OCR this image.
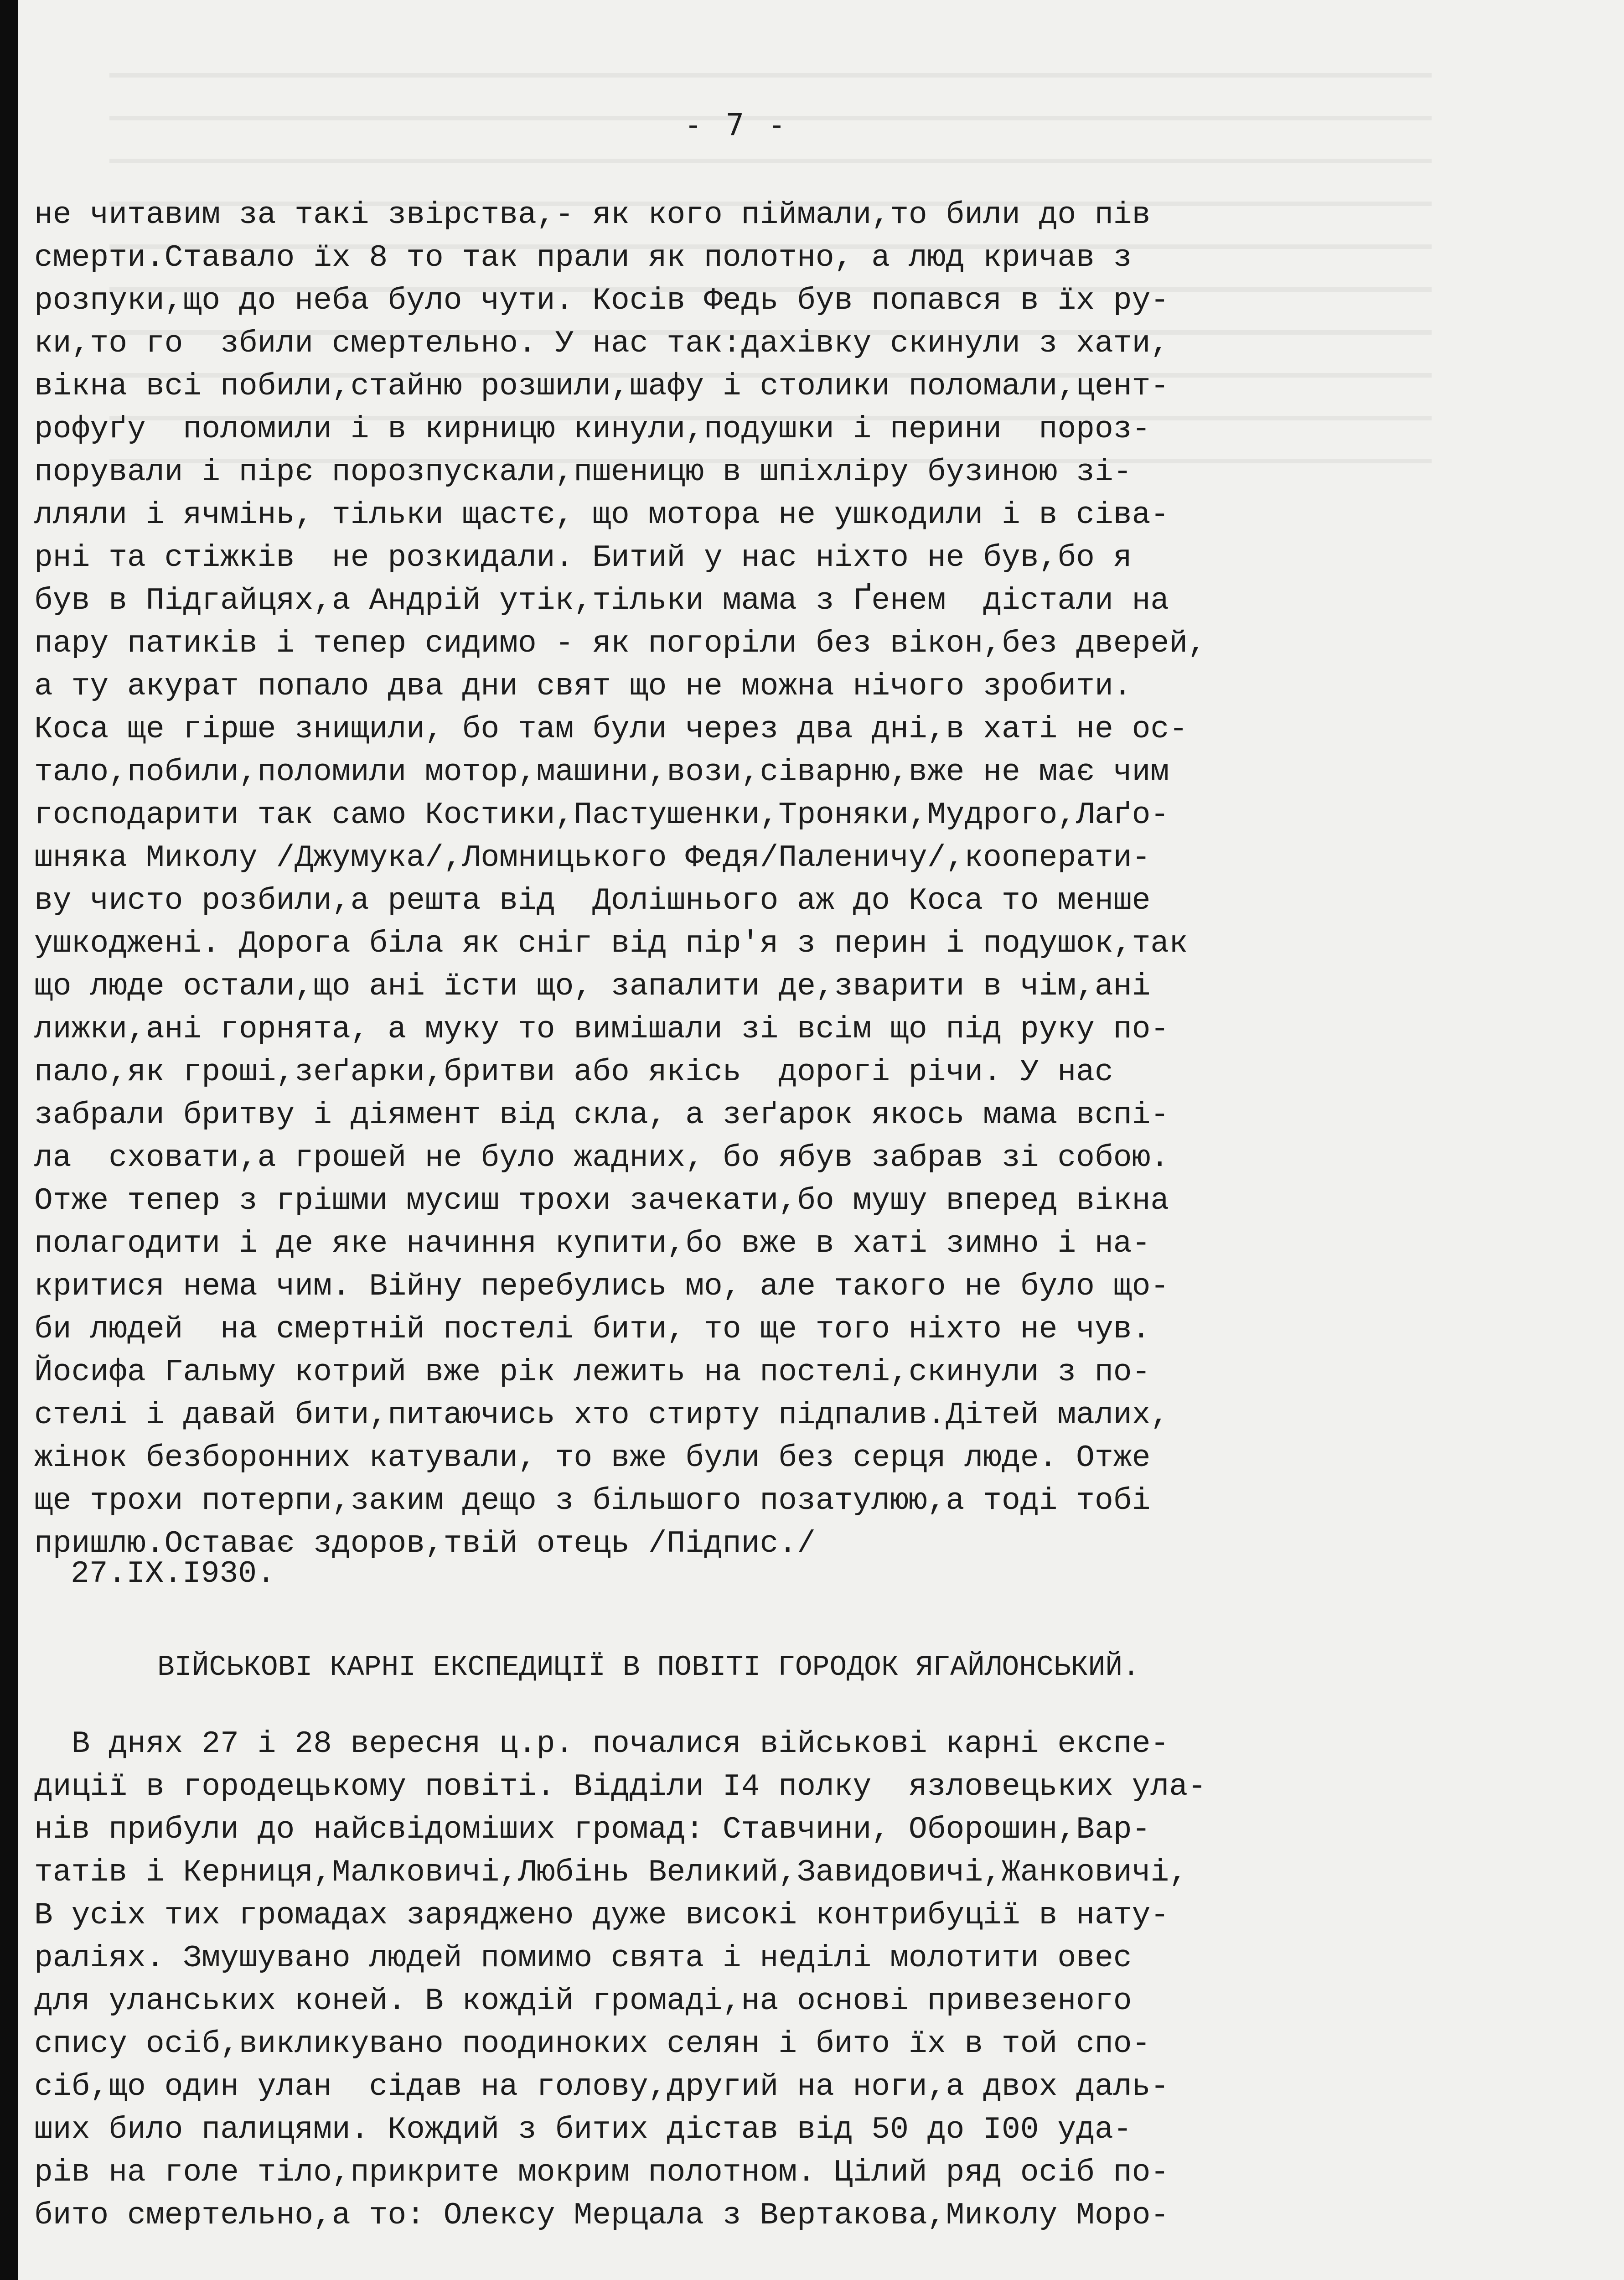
- 7 -
не читавим за такі звірства,- як кого піймали,то били до пів
смерти.Ставало їх 8 то так прали як полотно, а люд кричав з
розпуки,що до неба було чути. Косів Федь був попався в їх ру-
ки,то го  збили смертельно. У нас так:дахівку скинули з хати,
вікна всі побили,стайню розшили,шафу і столики поломали,цент-
рофуґу  поломили і в кирницю кинули,подушки і перини  пороз-
порували і пірє порозпускали,пшеницю в шпіхліру бузиною зі-
лляли і ячмінь, тільки щастє, що мотора не ушкодили і в сіва-
рні та стіжків  не розкидали. Битий у нас ніхто не був,бо я
був в Підгайцях,а Андрій утік,тільки мама з Ґенем  дістали на
пару патиків і тепер сидимо - як погоріли без вікон,без дверей,
а ту акурат попало два дни свят що не можна нічого зробити.
Коса ще гірше знищили, бо там були через два дні,в хаті не ос-
тало,побили,поломили мотор,машини,вози,сіварню,вже не має чим
господарити так само Костики,Пастушенки,Троняки,Мудрого,Лаґо-
шняка Миколу /Джумука/,Ломницького Федя/Паленичу/,кооперати-
ву чисто розбили,а решта від  Долішнього аж до Коса то менше
ушкоджені. Дорога біла як сніг від пір'я з перин і подушок,так
що люде остали,що ані їсти що, запалити де,зварити в чім,ані
лижки,ані горнята, а муку то вимішали зі всім що під руку по-
пало,як гроші,зеґарки,бритви або якісь  дорогі річи. У нас
забрали бритву і діямент від скла, а зеґарок якось мама вспі-
ла  сховати,а грошей не було жадних, бо ябув забрав зі собою.
Отже тепер з грішми мусиш трохи зачекати,бо мушу вперед вікна
полагодити і де яке начиння купити,бо вже в хаті зимно і на-
критися нема чим. Війну перебулись мо, але такого не було що-
би людей  на смертній постелі бити, то ще того ніхто не чув.
Йосифа Гальму котрий вже рік лежить на постелі,скинули з по-
стелі і давай бити,питаючись хто стирту підпалив.Дітей малих,
жінок безборонних катували, то вже були без серця люде. Отже
ще трохи потерпи,заким дещо з більшого позатулюю,а тоді тобі
пришлю.Оставає здоров,твій отець /Підпис./
27.IX.I930.
ВІЙСЬКОВІ КАРНІ ЕКСПЕДИЦІЇ В ПОВІТІ ГОРОДОК ЯГАЙЛОНСЬКИЙ.
В днях 27 і 28 вересня ц.р. почалися військові карні експе-
диції в городецькому повіті. Відділи I4 полку  язловецьких ула-
нів прибули до найсвідоміших громад: Ставчини, Оборошин,Вар-
татів і Керниця,Малковичі,Любінь Великий,Завидовичі,Жанковичі,
В усіх тих громадах заряджено дуже високі контрибуції в нату-
раліях. Змушувано людей помимо свята і неділі молотити овес
для уланських коней. В кождій громаді,на основі привезеного
спису осіб,викликувано поодиноких селян і бито їх в той спо-
сіб,що один улан  сідав на голову,другий на ноги,а двох даль-
ших било палицями. Кождий з битих дістав від 50 до I00 уда-
рів на голе тіло,прикрите мокрим полотном. Цілий ряд осіб по-
бито смертельно,а то: Олексу Мерцала з Вертакова,Миколу Моро-
